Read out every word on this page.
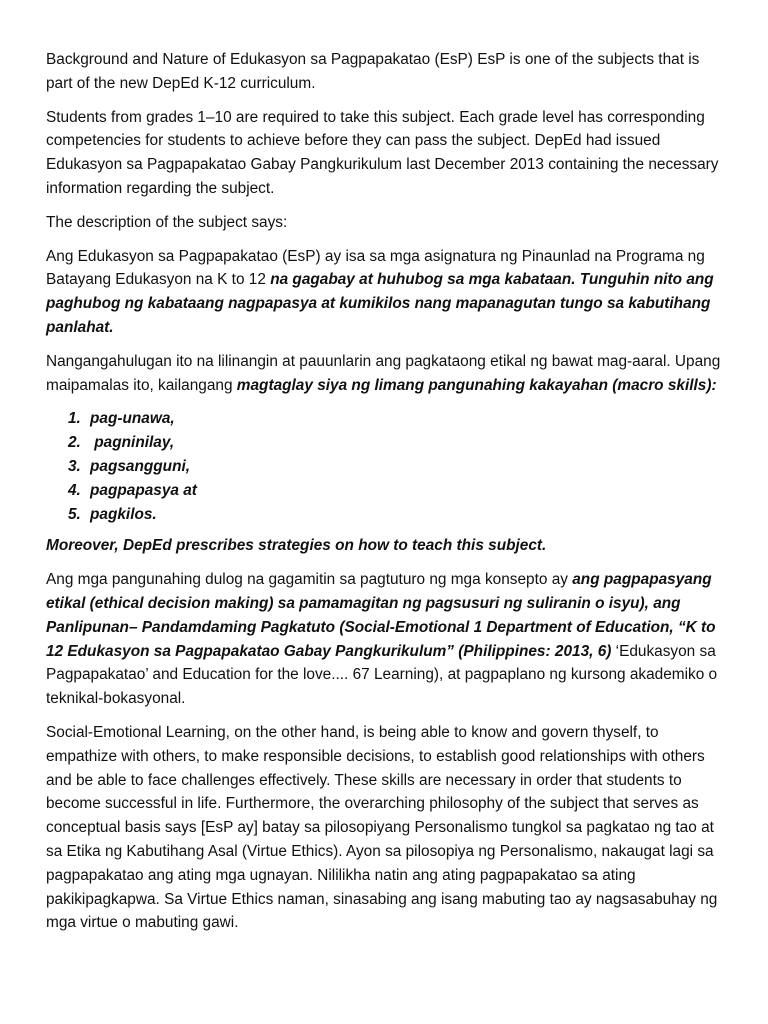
Background and Nature of Edukasyon sa Pagpapakatao (EsP) EsP is one of the subjects that is part of the new DepEd K-12 curriculum.

Students from grades 1–10 are required to take this subject. Each grade level has corresponding competencies for students to achieve before they can pass the subject. DepEd had issued Edukasyon sa Pagpapakatao Gabay Pangkurikulum last December 2013 containing the necessary information regarding the subject.

The description of the subject says:

Ang Edukasyon sa Pagpapakatao (EsP) ay isa sa mga asignatura ng Pinaunlad na Programa ng Batayang Edukasyon na K to 12 na gagabay at huhubog sa mga kabataan. Tunguhin nito ang paghubog ng kabataang nagpapasya at kumikilos nang mapanagutan tungo sa kabutihang panlahat.

Nangangahulugan ito na lilinangin at pauunlarin ang pagkataong etikal ng bawat mag-aaral. Upang maipamalas ito, kailangang magtaglay siya ng limang pangunahing kakayahan (macro skills):

1. pag-unawa,
2. pagninilay,
3. pagsangguni,
4. pagpapasya at
5. pagkilos.

Moreover, DepEd prescribes strategies on how to teach this subject.

Ang mga pangunahing dulog na gagamitin sa pagtuturo ng mga konsepto ay ang pagpapasyang etikal (ethical decision making) sa pamamagitan ng pagsusuri ng suliranin o isyu), ang Panlipunan– Pandamdaming Pagkatuto (Social-Emotional 1 Department of Education, “K to 12 Edukasyon sa Pagpapakatao Gabay Pangkurikulum” (Philippines: 2013, 6) ‘Edukasyon sa Pagpapakatao’ and Education for the love.... 67 Learning), at pagpaplano ng kursong akademiko o teknikal-bokasyonal.

Social-Emotional Learning, on the other hand, is being able to know and govern thyself, to empathize with others, to make responsible decisions, to establish good relationships with others and be able to face challenges effectively. These skills are necessary in order that students to become successful in life. Furthermore, the overarching philosophy of the subject that serves as conceptual basis says [EsP ay] batay sa pilosopiyang Personalismo tungkol sa pagkatao ng tao at sa Etika ng Kabutihang Asal (Virtue Ethics). Ayon sa pilosopiya ng Personalismo, nakaugat lagi sa pagpapakatao ang ating mga ugnayan. Nililikha natin ang ating pagpapakatao sa ating pakikipagkapwa. Sa Virtue Ethics naman, sinasabing ang isang mabuting tao ay nagsasabuhay ng mga virtue o mabuting gawi.
